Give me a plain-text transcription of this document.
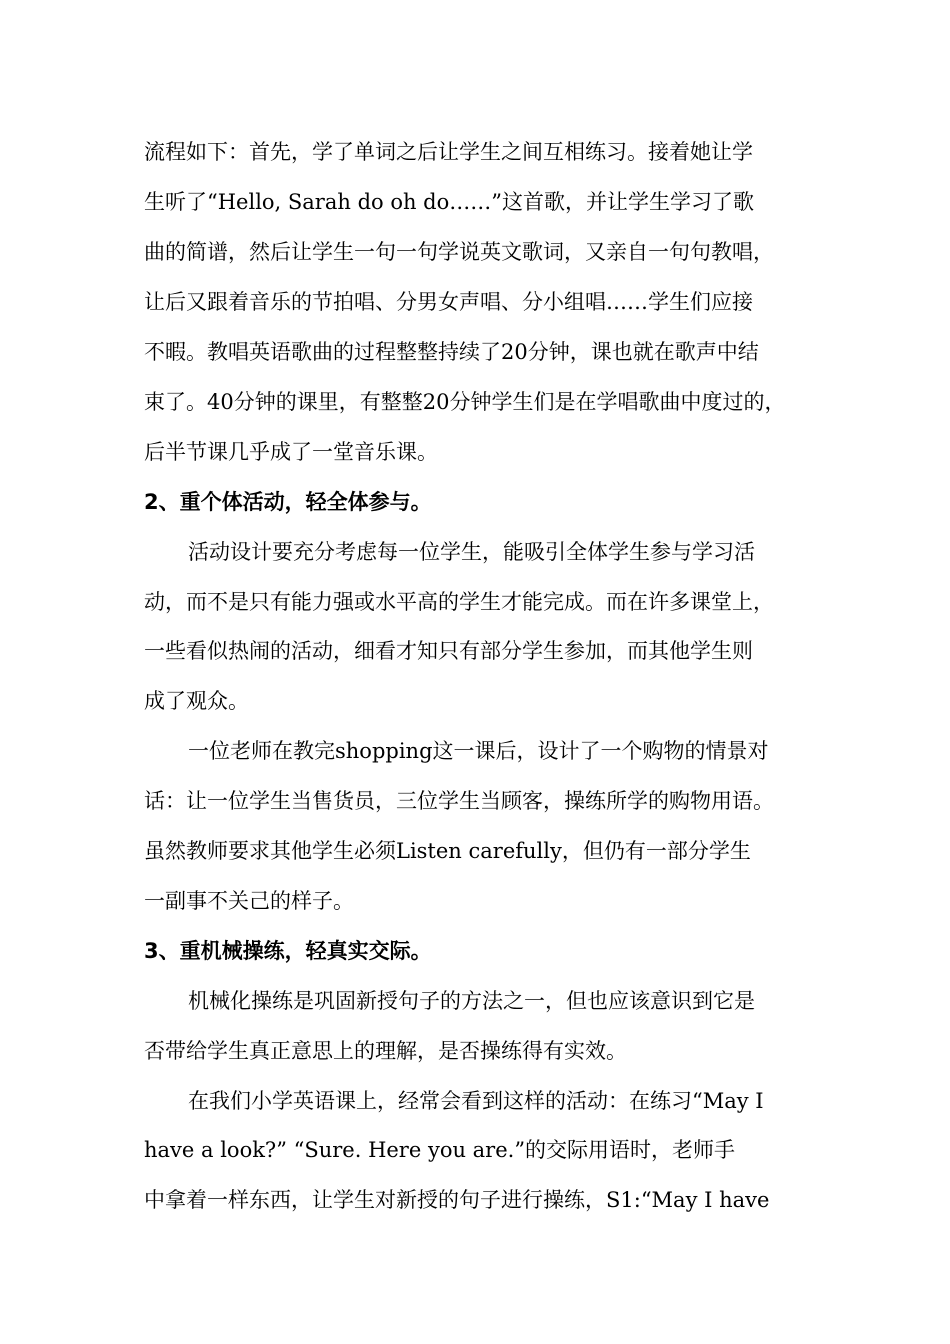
流程如下：首先，学了单词之后让学生之间互相练习。接着她让学
生听了“Hello, Sarah do oh do……”这首歌，并让学生学习了歌
曲的简谱，然后让学生一句一句学说英文歌词，又亲自一句句教唱，
让后又跟着音乐的节拍唱、分男女声唱、分小组唱……学生们应接
不暇。教唱英语歌曲的过程整整持续了20分钟，课也就在歌声中结
束了。40分钟的课里，有整整20分钟学生们是在学唱歌曲中度过的，
后半节课几乎成了一堂音乐课。
2、重个体活动，轻全体参与。
活动设计要充分考虑每一位学生，能吸引全体学生参与学习活
动，而不是只有能力强或水平高的学生才能完成。而在许多课堂上，
一些看似热闹的活动，细看才知只有部分学生参加，而其他学生则
成了观众。
一位老师在教完shopping这一课后，设计了一个购物的情景对
话：让一位学生当售货员，三位学生当顾客，操练所学的购物用语。
虽然教师要求其他学生必须Listen carefully，但仍有一部分学生
一副事不关己的样子。
3、重机械操练，轻真实交际。
机械化操练是巩固新授句子的方法之一，但也应该意识到它是
否带给学生真正意思上的理解，是否操练得有实效。
在我们小学英语课上，经常会看到这样的活动：在练习“May I
have a look?” “Sure. Here you are.”的交际用语时，老师手
中拿着一样东西，让学生对新授的句子进行操练，S1:“May I have
